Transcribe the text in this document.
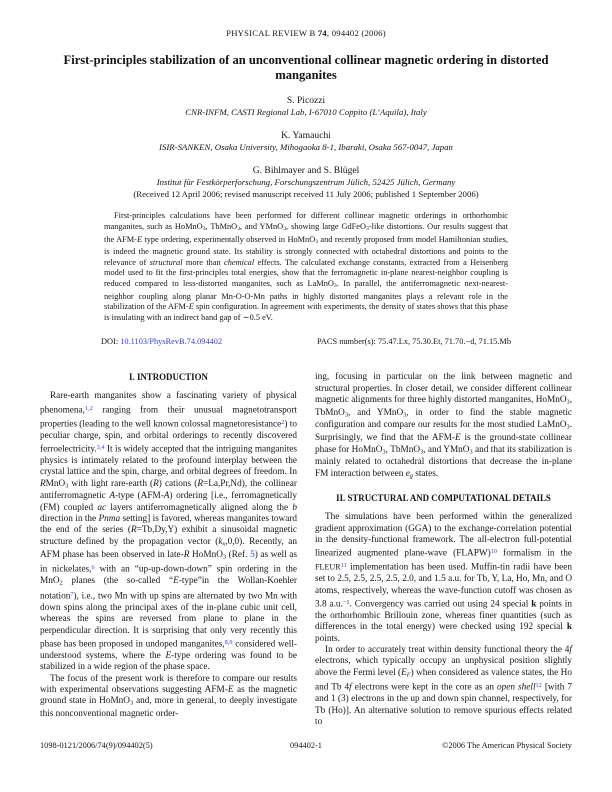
PHYSICAL REVIEW B 74, 094402 (2006)
First-principles stabilization of an unconventional collinear magnetic ordering in distorted manganites
S. Picozzi
CNR-INFM, CASTI Regional Lab, I-67010 Coppito (L’Aquila), Italy
K. Yamauchi
ISIR-SANKEN, Osaka University, Mihogaoka 8-1, Ibaraki, Osaka 567-0047, Japan
G. Bihlmayer and S. Blügel
Institut für Festkörperforschung, Forschungszentrum Jülich, 52425 Jülich, Germany
(Received 12 April 2006; revised manuscript received 11 July 2006; published 1 September 2006)
First-principles calculations have been performed for different collinear magnetic orderings in orthorhombic manganites, such as HoMnO$_3$, TbMnO$_3$, and YMnO$_3$, showing large GdFeO$_3$-like distortions. Our results suggest that the AFM-E type ordering, experimentally observed in HoMnO$_3$ and recently proposed from model Hamiltonian studies, is indeed the magnetic ground state. Its stability is strongly connected with octahedral distortions and points to the relevance of structural more than chemical effects. The calculated exchange constants, extracted from a Heisenberg model used to fit the first-principles total energies, show that the ferromagnetic in-plane nearest-neighbor coupling is reduced compared to less-distorted manganites, such as LaMnO$_3$. In parallel, the antiferromagnetic next-nearest-neighbor coupling along planar Mn-O-O-Mn paths in highly distorted manganites plays a relevant role in the stabilization of the AFM-E spin configuration. In agreement with experiments, the density of states shows that this phase is insulating with an indirect band gap of ∼0.5 eV.
DOI: 10.1103/PhysRevB.74.094402	PACS number(s): 75.47.Lx, 75.30.Et, 71.70.−d, 71.15.Mb
I. INTRODUCTION

Rare-earth manganites show a fascinating variety of physical phenomena,$^{1,2}$ ranging from their unusual magnetotransport properties (leading to the well known colossal magnetoresistance$^2$) to peculiar charge, spin, and orbital orderings to recently discovered ferroelectricity.$^{3,4}$ It is widely accepted that the intriguing manganites physics is intimately related to the profound interplay between the crystal lattice and the spin, charge, and orbital degrees of freedom. In RMnO$_3$ with light rare-earth (R) cations (R=La,Pr,Nd), the collinear antiferromagnetic A-type (AFM-A) ordering [i.e., ferromagnetically (FM) coupled ac layers antiferromagnetically aligned along the b direction in the Pnma setting] is favored, whereas manganites toward the end of the series (R=Tb,Dy,Y) exhibit a sinusoidal magnetic structure defined by the propagation vector (kx,0,0). Recently, an AFM phase has been observed in late-R HoMnO$_3$ (Ref. 5) as well as in nickelates,$^6$ with an “up-up-down-down” spin ordering in the MnO$_2$ planes (the so-called “E-type”in the Wollan-Koehler notation$^7$), i.e., two Mn with up spins are alternated by two Mn with down spins along the principal axes of the in-plane cubic unit cell, whereas the spins are reversed from plane to plane in the perpendicular direction. It is surprising that only very recently this phase has been proposed in undoped manganites,$^{8,9}$ considered well-understood systems, where the E-type ordering was found to be stabilized in a wide region of the phase space.

The focus of the present work is therefore to compare our results with experimental observations suggesting AFM-E as the magnetic ground state in HoMnO$_3$ and, more in general, to deeply investigate this nonconventional magnetic order-

ing, focusing in particular on the link between magnetic and structural properties. In closer detail, we consider different collinear magnetic alignments for three highly distorted manganites, HoMnO$_3$, TbMnO$_3$, and YMnO$_3$, in order to find the stable magnetic configuration and compare our results for the most studied LaMnO$_3$. Surprisingly, we find that the AFM-E is the ground-state collinear phase for HoMnO$_3$, TbMnO$_3$, and YMnO$_3$ and that its stabilization is mainly related to octahedral distortions that decrease the in-plane FM interaction between eg states.

II. STRUCTURAL AND COMPUTATIONAL DETAILS

The simulations have been performed within the generalized gradient approximation (GGA) to the exchange-correlation potential in the density-functional framework. The all-electron full-potential linearized augmented plane-wave (FLAPW)$^{10}$ formalism in the FLEUR$^{11}$ implementation has been used. Muffin-tin radii have been set to 2.5, 2.5, 2.5, 2.5, 2.0, and 1.5 a.u. for Tb, Y, La, Ho, Mn, and O atoms, respectively, whereas the wave-function cutoff was chosen as 3.8 a.u.$^{-1}$. Convergency was carried out using 24 special k points in the orthorhombic Brillouin zone, whereas finer quantities (such as differences in the total energy) were checked using 192 special k points.

In order to accurately treat within density functional theory the 4f electrons, which typically occupy an unphysical position slightly above the Fermi level (EF) when considered as valence states, the Ho and Tb 4f electrons were kept in the core as an open shell$^{12}$ [with 7 and 1 (3) electrons in the up and down spin channel, respectively, for Tb (Ho)]. An alternative solution to remove spurious effects related to

1098-0121/2006/74(9)/094402(5)	094402-1	©2006 The American Physical Society
